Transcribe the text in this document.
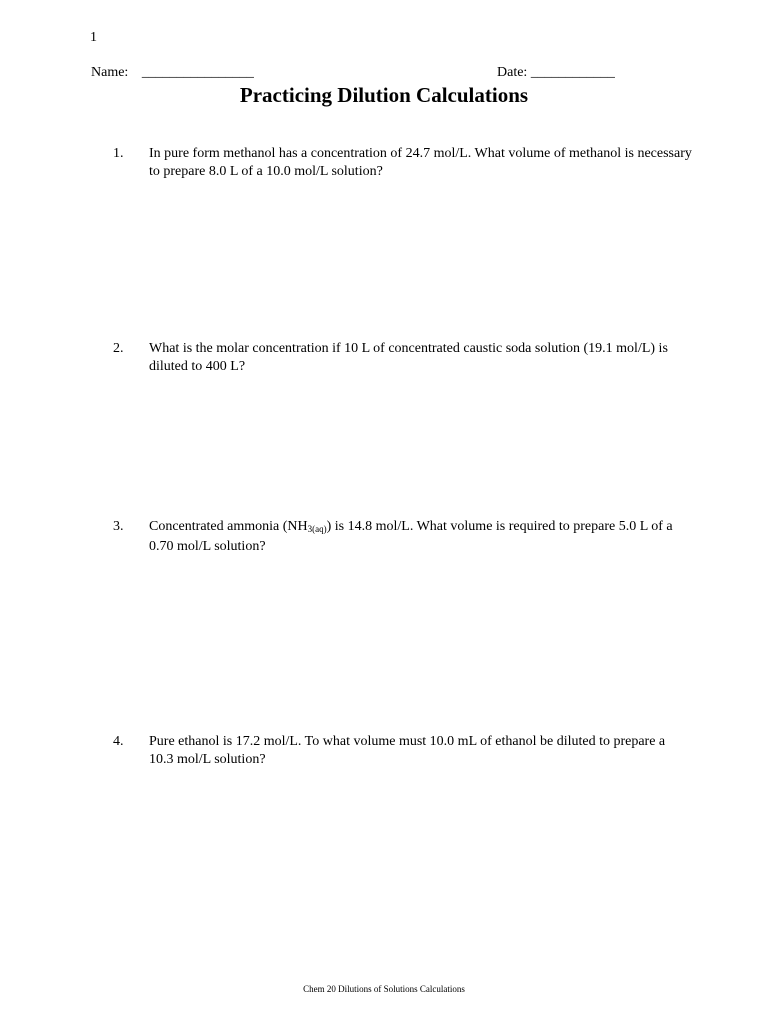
1
Name: ________________	Date: ____________
Practicing Dilution Calculations
1. In pure form methanol has a concentration of 24.7 mol/L. What volume of methanol is necessary to prepare 8.0 L of a 10.0 mol/L solution?
2. What is the molar concentration if 10 L of concentrated caustic soda solution (19.1 mol/L) is diluted to 400 L?
3. Concentrated ammonia $(NH_{3(aq)})$ is 14.8 mol/L. What volume is required to prepare 5.0 L of a 0.70 mol/L solution?
4. Pure ethanol is 17.2 mol/L. To what volume must 10.0 mL of ethanol be diluted to prepare a 10.3 mol/L solution?
Chem 20 Dilutions of Solutions Calculations
